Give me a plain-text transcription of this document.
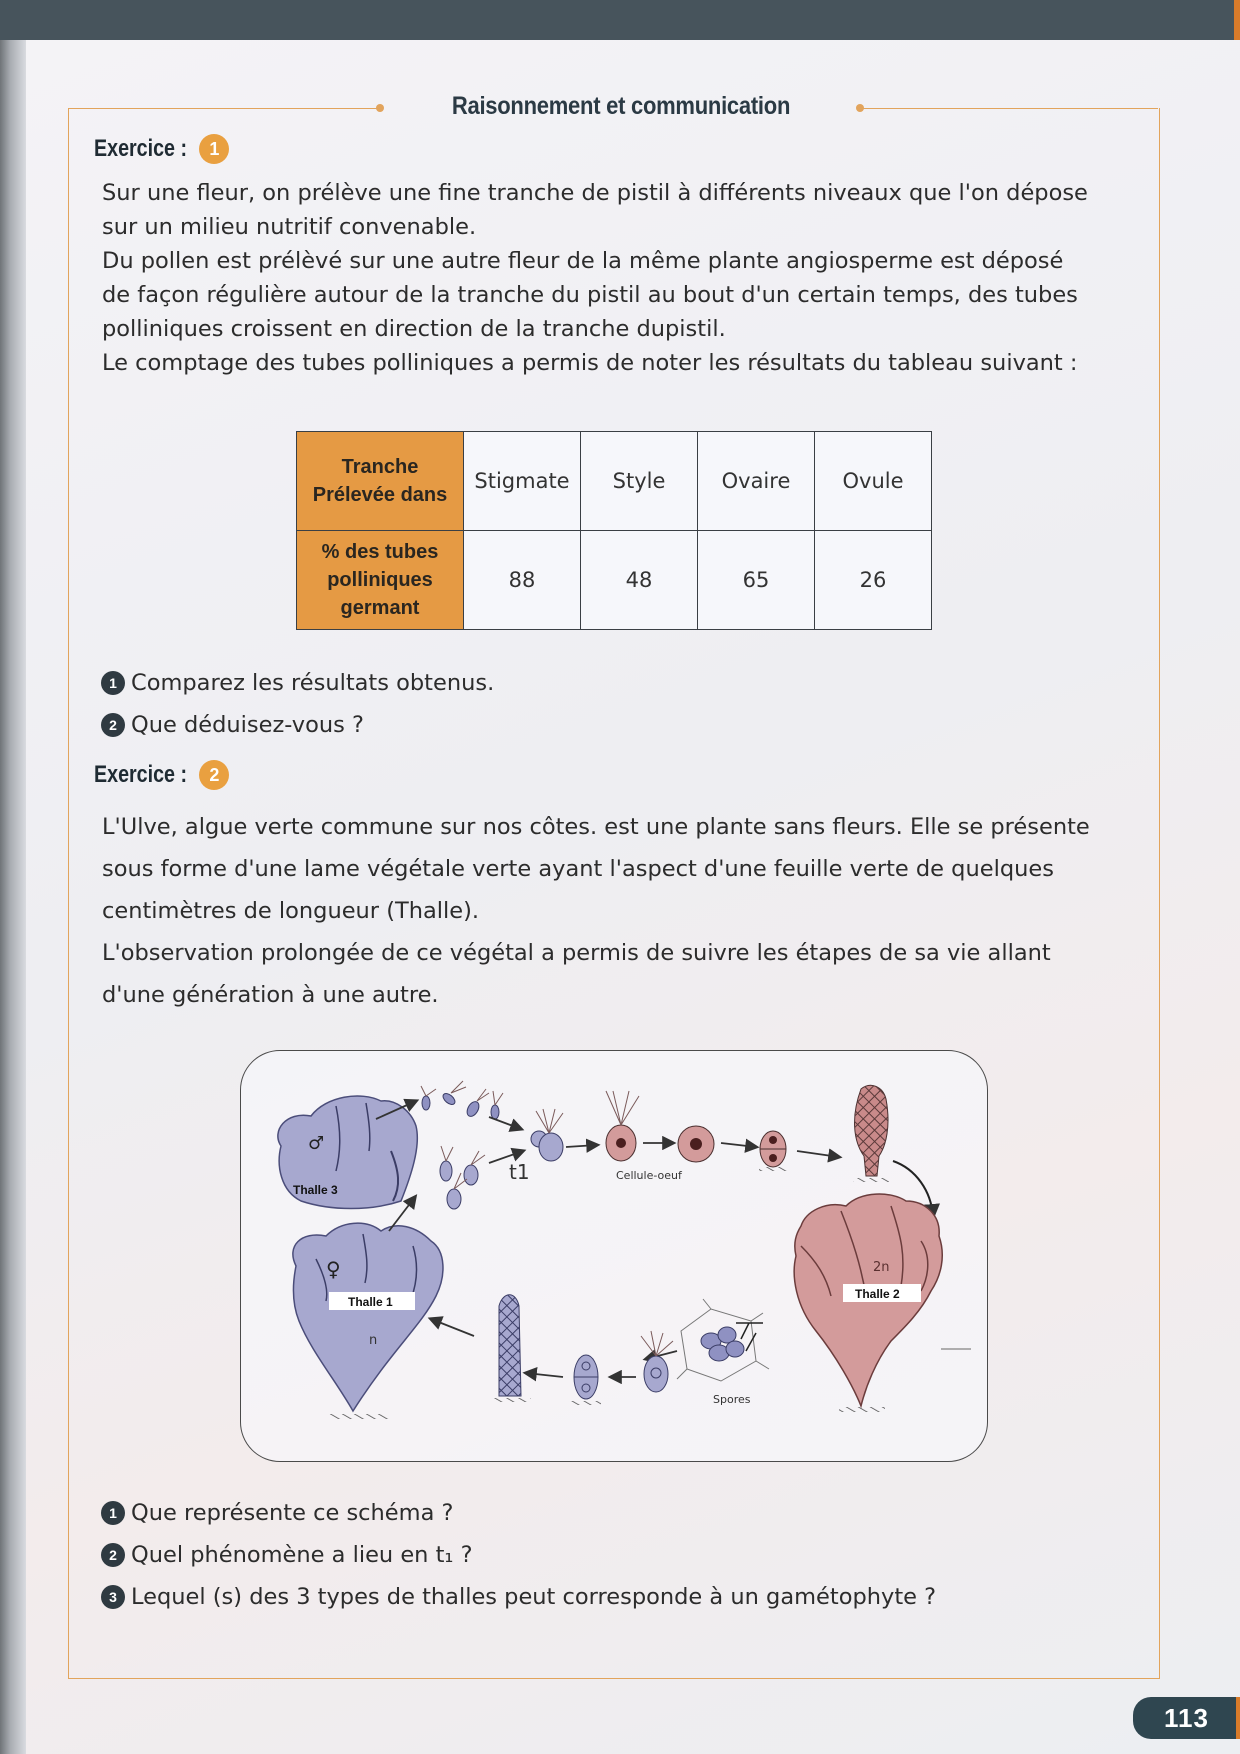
Raisonnement et communication
Exercice :	1

Sur une fleur, on prélève une fine tranche de pistil à différents niveaux que l'on dépose

sur un milieu nutritif convenable.

Du pollen est prélèvé sur une autre fleur de la même plante angiosperme est déposé

de façon régulière autour de la tranche du pistil au bout d'un certain temps, des tubes

polliniques croissent en direction de la tranche dupistil.

Le comptage des tubes polliniques a permis de noter les résultats du tableau suivant :

Tranche
Prélevée dans	Stigmate	Style	Ovaire	Ovule
% des tubes
polliniques
germant	88	48	65	26
1 Comparez les résultats obtenus.
2 Que déduisez-vous ?
Exercice :	2

L'Ulve, algue verte commune sur nos côtes. est une plante sans fleurs. Elle se présente

sous forme d'une lame végétale verte ayant l'aspect d'une feuille verte de quelques

centimètres de longueur (Thalle).

L'observation prolongée de ce végétal a permis de suivre les étapes de sa vie allant

d'une génération à une autre.

♂
Thalle 3
♀
Thalle 1
n
t1	Cellule-oeuf
2n
Thalle 2
Spores
1 Que représente ce schéma ?
2 Quel phénomène a lieu en t₁ ?
3 Lequel (s) des 3 types de thalles peut corresponde à un gamétophyte ?
113
